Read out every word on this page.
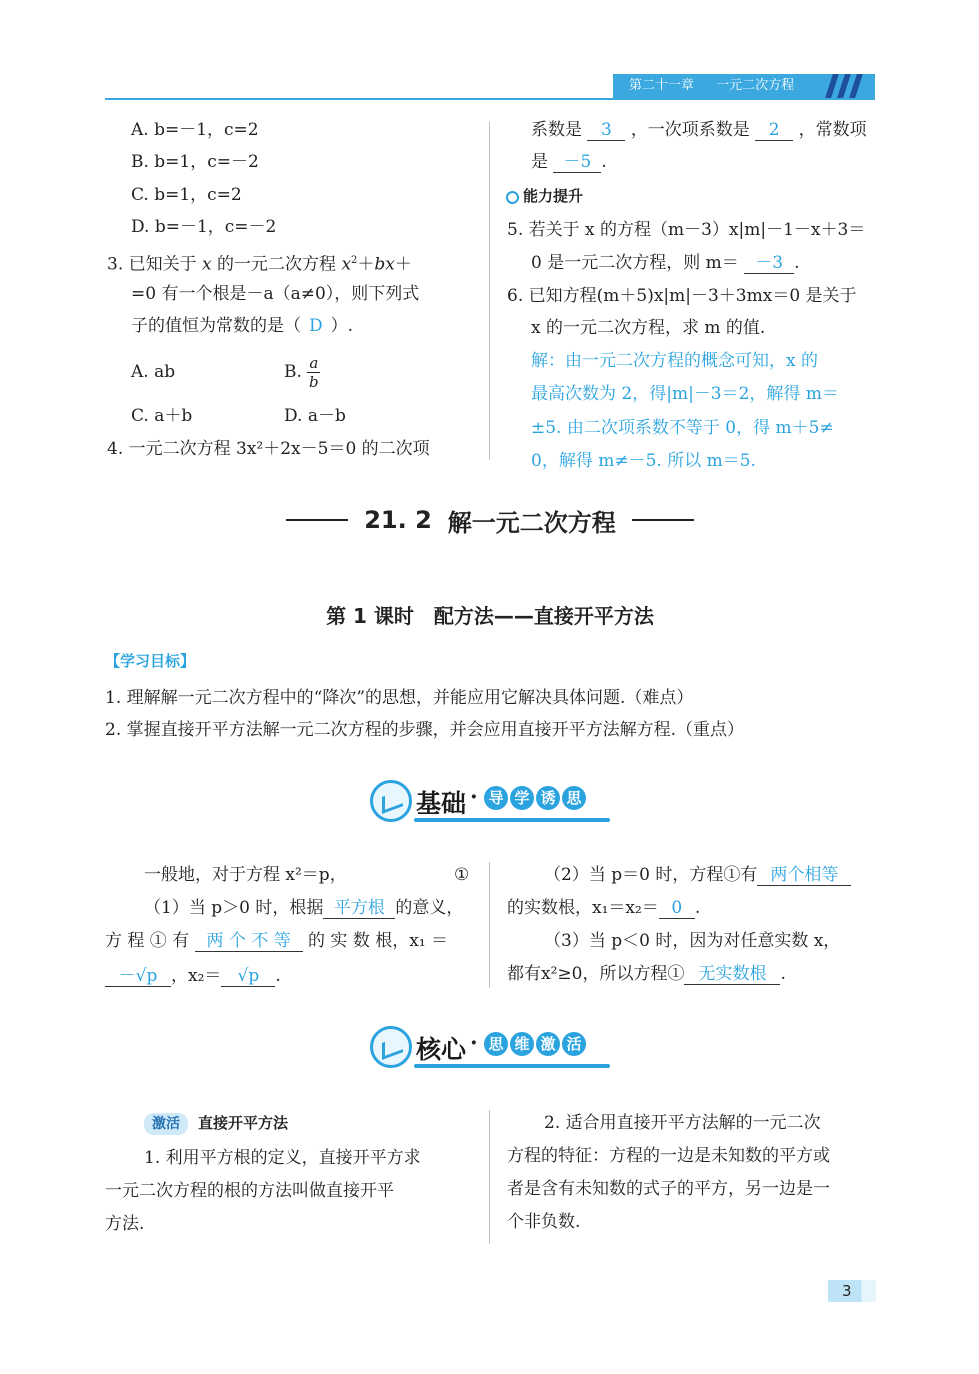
第二十一章 一元二次方程
A. b=－1，c=2
B. b=1，c=－2
C. b=1，c=2
D. b=－1，c=－2
3. 已知关于 x 的一元二次方程 $x^2+bx+$
=0 有一个根是－a（a≠0），则下列式
子的值恒为常数的是（ D ）.
A. ab	B. $\frac{a}{b}$
C. a＋b	D. a－b
4. 一元二次方程 3x²＋2x－5＝0 的二次项
系数是 3 ，一次项系数是 2 ，常数项
是 －5 .
能力提升
5. 若关于 x 的方程（m－3）x|m|－1－x＋3＝
0 是一元二次方程，则 m＝ －3 .
6. 已知方程(m＋5)x|m|－3＋3mx＝0 是关于
x 的一元二次方程，求 m 的值.
解：由一元二次方程的概念可知，x 的
最高次数为 2，得|m|－3＝2，解得 m＝
±5. 由二次项系数不等于 0，得 m＋5≠
0，解得 m≠－5. 所以 m＝5.
21. 2 解一元二次方程
第 1 课时　配方法——直接开平方法
【学习目标】
1. 理解解一元二次方程中的“降次”的思想，并能应用它解决具体问题.（难点）
2. 掌握直接开平方法解一元二次方程的步骤，并会应用直接开平方法解方程.（重点）
基础 · 导 学 诱 思
一般地，对于方程 x²＝p，	①
（1）当 p＞0 时，根据 平方根 的意义，
方 程 ① 有 两 个 不 等 的 实 数 根，x₁ ＝
－√p ，x₂＝ √p .
（2）当 p＝0 时，方程①有 两个相等
的实数根，x₁＝x₂＝ 0 .
（3）当 p＜0 时，因为对任意实数 x，
都有x²≥0，所以方程① 无实数根 .
核心 · 思 维 激 活
激活 直接开平方法
1. 利用平方根的定义，直接开平方求
一元二次方程的根的方法叫做直接开平
方法.
2. 适合用直接开平方法解的一元二次
方程的特征：方程的一边是未知数的平方或
者是含有未知数的式子的平方，另一边是一
个非负数.
3
